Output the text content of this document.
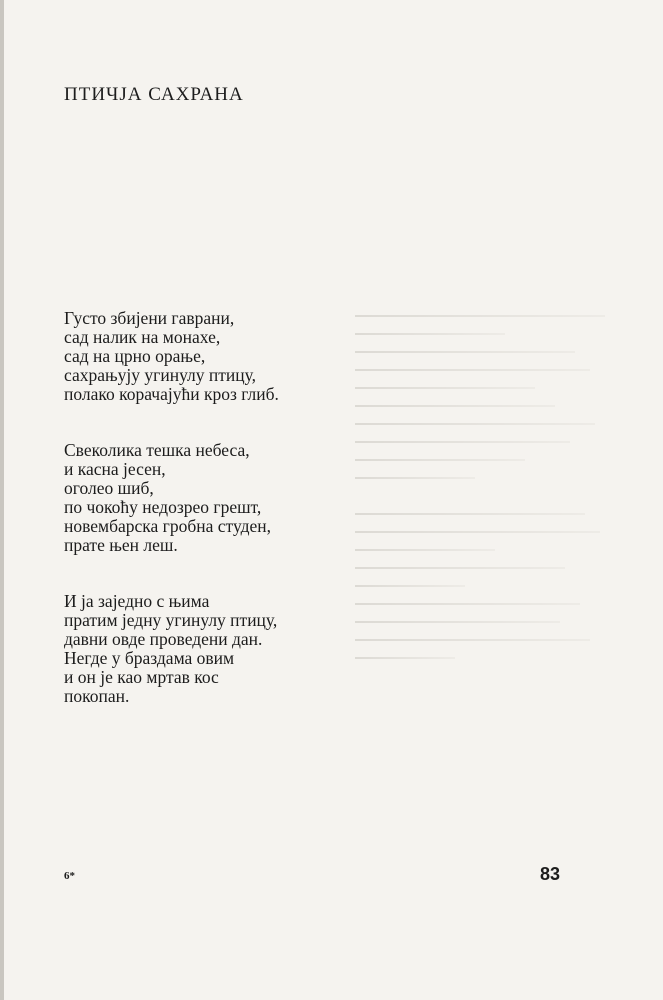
ПТИЧЈА САХРАНА
Густо збијени гаврани,
сад налик на монахе,
сад на црно орање,
сахрањују угинулу птицу,
полако корачајући кроз глиб.
Свеколика тешка небеса,
и касна јесен,
оголео шиб,
по чокоћу недозрео грешт,
новембарска гробна студен,
прате њен леш.
И ја заједно с њима
пратим једну угинулу птицу,
давни овде проведени дан.
Негде у браздама овим
и он је као мртав кос
покопан.
6*	83
